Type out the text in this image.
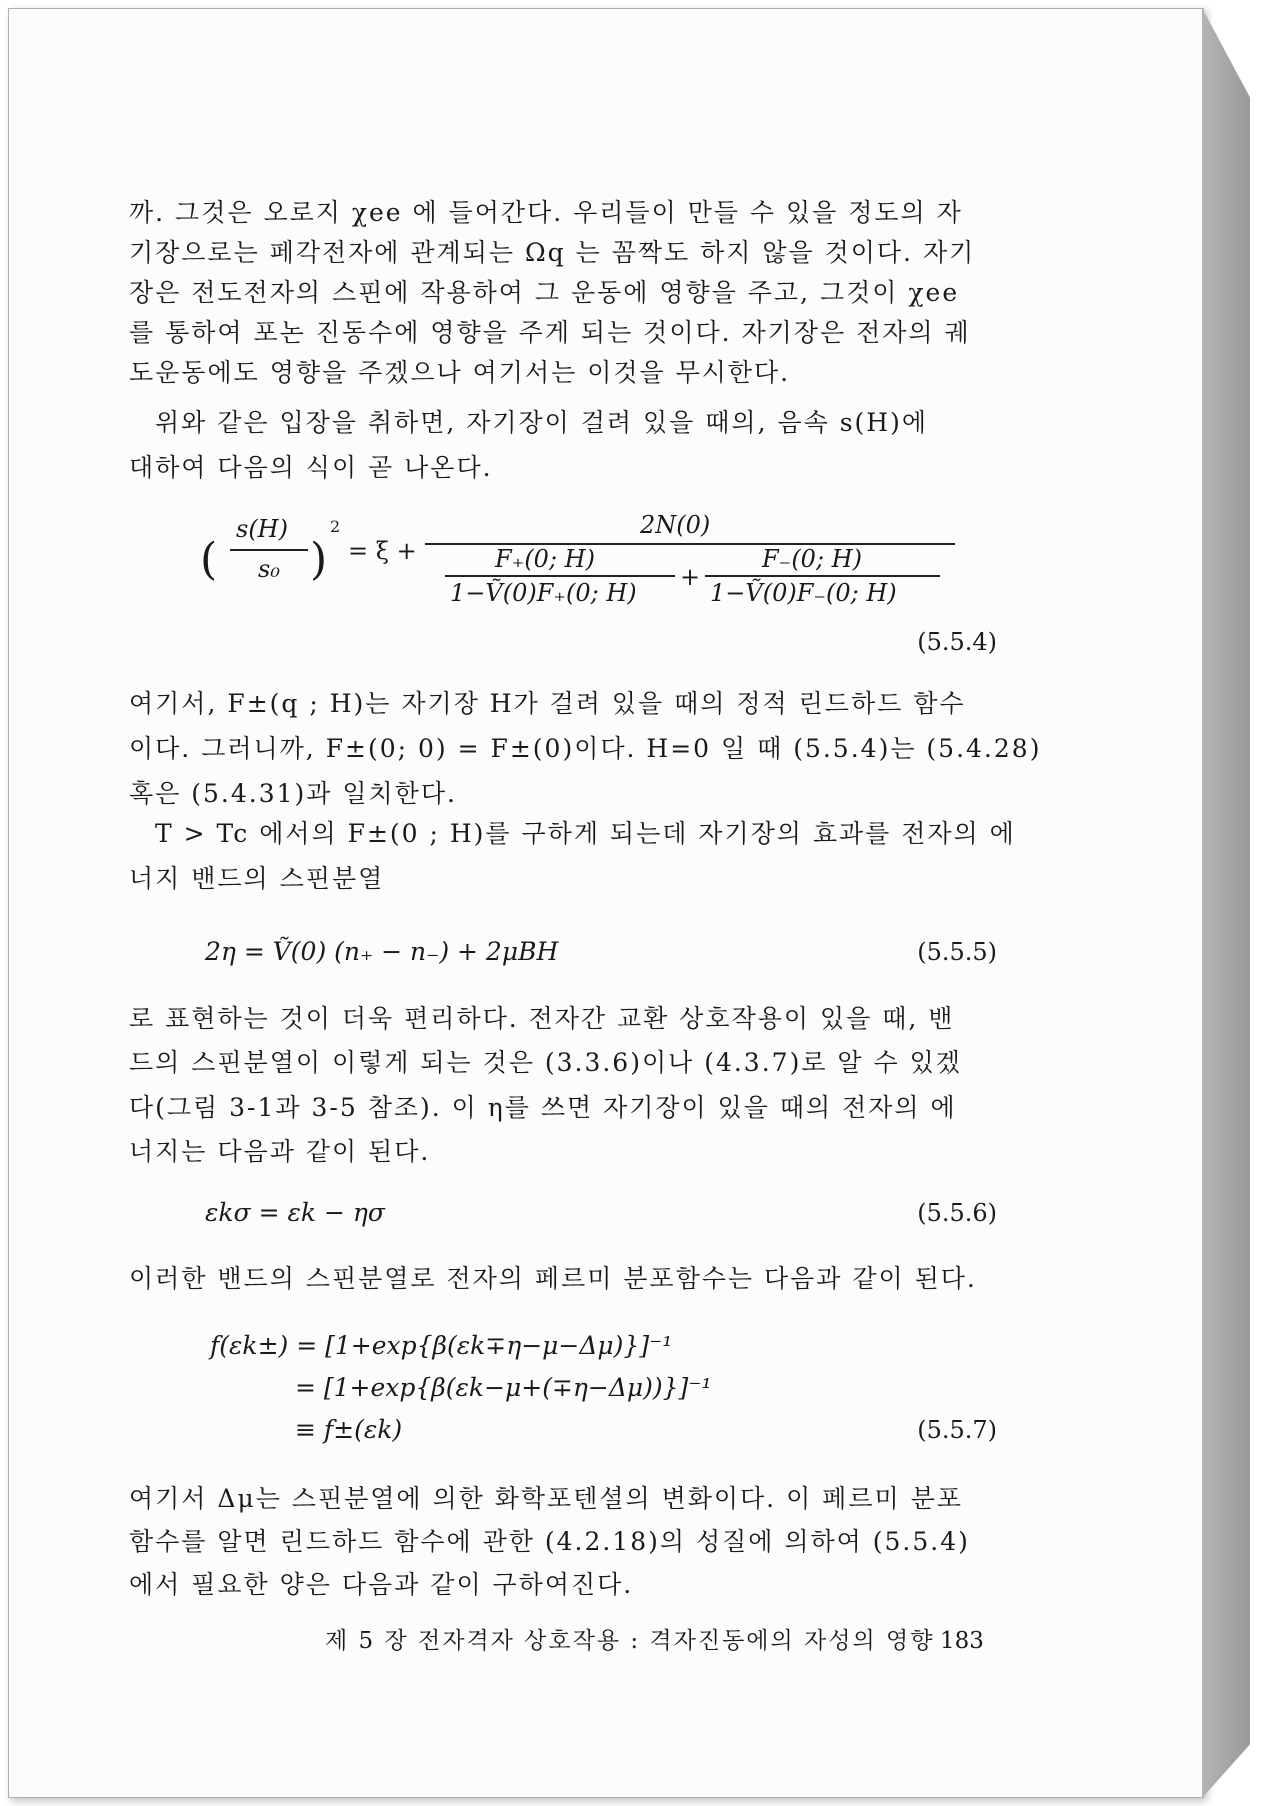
까. 그것은 오로지 χee 에 들어간다. 우리들이 만들 수 있을 정도의 자
기장으로는 페각전자에 관계되는 Ωq 는 꼼짝도 하지 않을 것이다. 자기
장은 전도전자의 스핀에 작용하여 그 운동에 영향을 주고, 그것이 χee
를 통하여 포논 진동수에 영향을 주게 되는 것이다. 자기장은 전자의 궤
도운동에도 영향을 주겠으나 여기서는 이것을 무시한다.
위와 같은 입장을 취하면, 자기장이 걸려 있을 때의, 음속 s(H)에
대하여 다음의 식이 곧 나온다.
(
s(H)
s₀ )
2
= ξ +
2N(0)
F₊(0; H)
1−Ṽ(0)F₊(0; H)
+
F₋(0; H)
1−Ṽ(0)F₋(0; H)
(5.5.4)
여기서, F±(q ; H)는 자기장 H가 걸려 있을 때의 정적 린드하드 함수
이다. 그러니까, F±(0; 0) = F±(0)이다. H=0 일 때 (5.5.4)는 (5.4.28)
혹은 (5.4.31)과 일치한다.
T > Tc 에서의 F±(0 ; H)를 구하게 되는데 자기장의 효과를 전자의 에
너지 밴드의 스핀분열
2η = Ṽ(0) (n₊ − n₋) + 2μBH	(5.5.5)
로 표현하는 것이 더욱 편리하다. 전자간 교환 상호작용이 있을 때, 밴
드의 스핀분열이 이렇게 되는 것은 (3.3.6)이나 (4.3.7)로 알 수 있겠
다(그림 3-1과 3-5 참조). 이 η를 쓰면 자기장이 있을 때의 전자의 에
너지는 다음과 같이 된다.
εkσ = εk − ησ	(5.5.6)
이러한 밴드의 스핀분열로 전자의 페르미 분포함수는 다음과 같이 된다.
f(εk±) = [1+exp{β(εk∓η−μ−Δμ)}]⁻¹
= [1+exp{β(εk−μ+(∓η−Δμ))}]⁻¹
≡ f±(εk)	(5.5.7)
여기서 Δμ는 스핀분열에 의한 화학포텐셜의 변화이다. 이 페르미 분포
함수를 알면 린드하드 함수에 관한 (4.2.18)의 성질에 의하여 (5.5.4)
에서 필요한 양은 다음과 같이 구하여진다.
제 5 장 전자격자 상호작용 : 격자진동에의 자성의 영향 183
